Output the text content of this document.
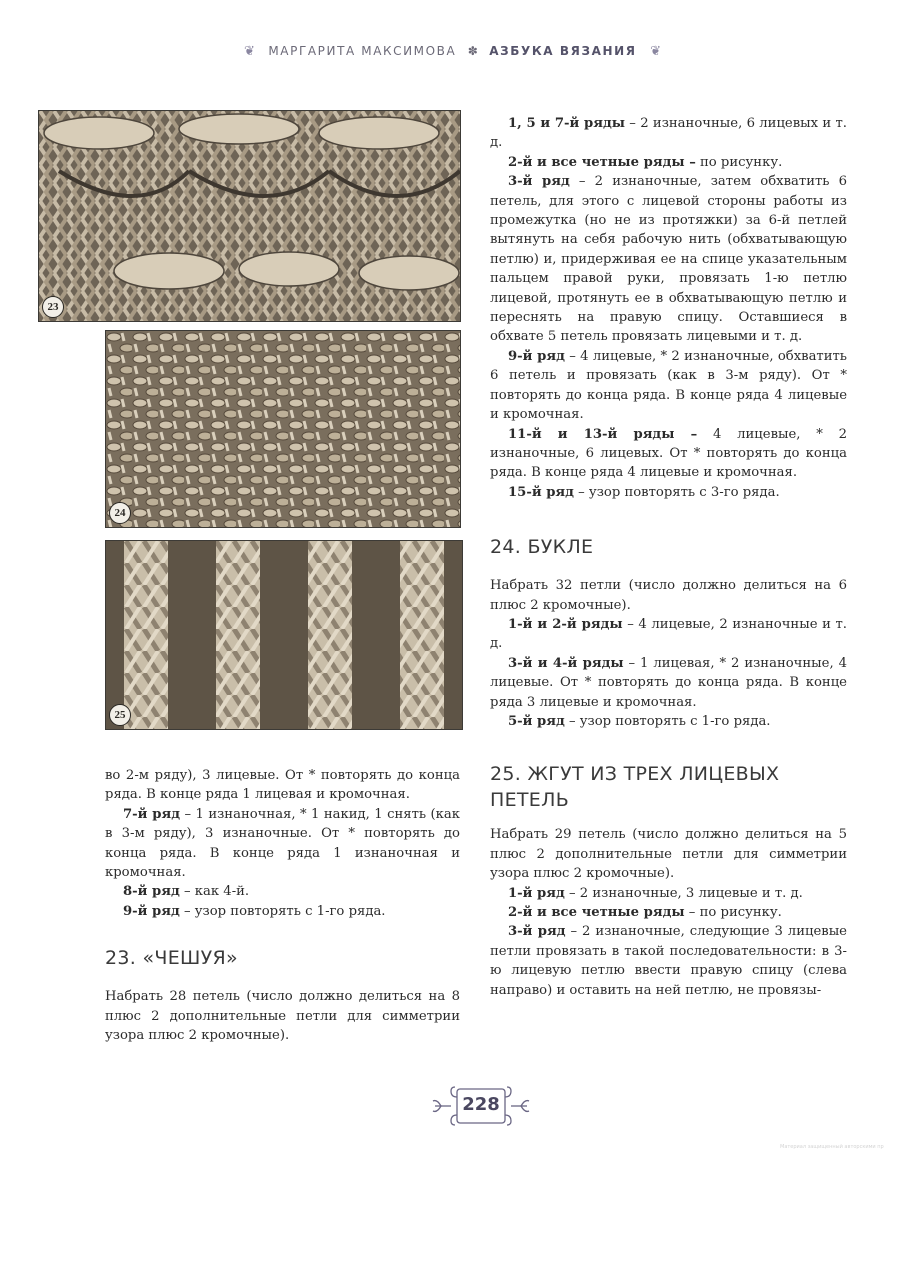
❦ МАРГАРИТА МАКСИМОВА ✽ АЗБУКА ВЯЗАНИЯ ❦
23
24
25

во 2-м ряду), 3 лицевые. От * повторять до конца ряда. В конце ряда 1 лицевая и кромочная.

7-й ряд – 1 изнаночная, * 1 накид, 1 снять (как в 3-м ряду), 3 изнаночные. От * повторять до конца ряда. В конце ряда 1 изнаночная и кромочная.

8-й ряд – как 4-й.

9-й ряд – узор повторять с 1-го ряда.

23. «ЧЕШУЯ»

Набрать 28 петель (число должно делиться на 8 плюс 2 дополнительные петли для симметрии узора плюс 2 кромочные).

1, 5 и 7-й ряды – 2 изнаночные, 6 лицевых и т. д.

2-й и все четные ряды – по рисунку.

3-й ряд – 2 изнаночные, затем обхватить 6 петель, для этого с лицевой стороны работы из промежутка (но не из протяжки) за 6-й петлей вытянуть на себя рабочую нить (обхватывающую петлю) и, придерживая ее на спице указательным пальцем правой руки, провязать 1-ю петлю лицевой, протянуть ее в обхватывающую петлю и переснять на правую спицу. Оставшиеся в обхвате 5 петель провязать лицевыми и т. д.

9-й ряд – 4 лицевые, * 2 изнаночные, обхватить 6 петель и провязать (как в 3-м ряду). От * повторять до конца ряда. В конце ряда 4 лицевые и кромочная.

11-й и 13-й ряды – 4 лицевые, * 2 изнаночные, 6 лицевых. От * повторять до конца ряда. В конце ряда 4 лицевые и кромочная.

15-й ряд – узор повторять с 3-го ряда.

24. БУКЛЕ

Набрать 32 петли (число должно делиться на 6 плюс 2 кромочные).

1-й и 2-й ряды – 4 лицевые, 2 изнаночные и т. д.

3-й и 4-й ряды – 1 лицевая, * 2 изнаночные, 4 лицевые. От * повторять до конца ряда. В конце ряда 3 лицевые и кромочная.

5-й ряд – узор повторять с 1-го ряда.

25. ЖГУТ ИЗ ТРЕХ ЛИЦЕВЫХ ПЕТЕЛЬ

Набрать 29 петель (число должно делиться на 5 плюс 2 дополнительные петли для симметрии узора плюс 2 кромочные).

1-й ряд – 2 изнаночные, 3 лицевые и т. д.

2-й и все четные ряды – по рисунку.

3-й ряд – 2 изнаночные, следующие 3 лицевые петли провязать в такой последовательности: в 3-ю лицевую петлю ввести правую спицу (слева направо) и оставить на ней петлю, не провязы-

228
Материал защищенный авторскими пр
